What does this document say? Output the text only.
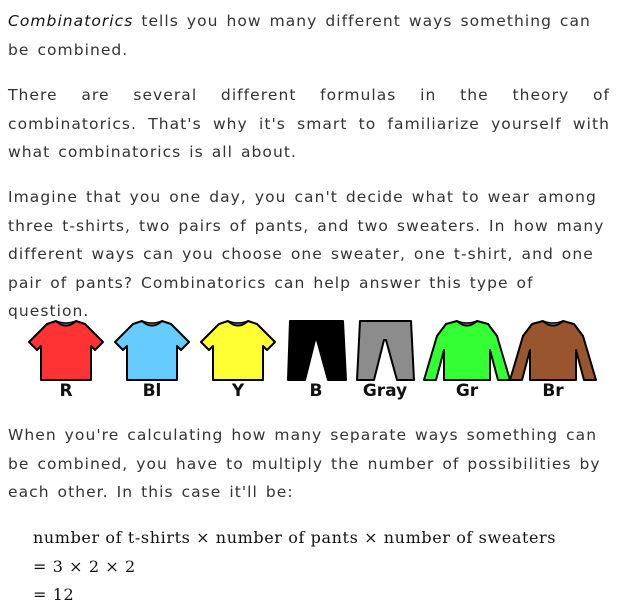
Combinatorics tells you how many different ways something can be combined.

There are several different formulas in the theory of combinatorics. That's why it's smart to familiarize yourself with what combinatorics is all about.

Imagine that you one day, you can't decide what to wear among three t-shirts, two pairs of pants, and two sweaters. In how many different ways can you choose one sweater, one t-shirt, and one pair of pants? Combinatorics can help answer this type of question.

R	Bl	Y	B	Gray	Gr	Br

When you're calculating how many separate ways something can be combined, you have to multiply the number of possibilities by each other. In this case it'll be:

number of t-shirts × number of pants × number of sweaters
= 3 × 2 × 2
= 12
